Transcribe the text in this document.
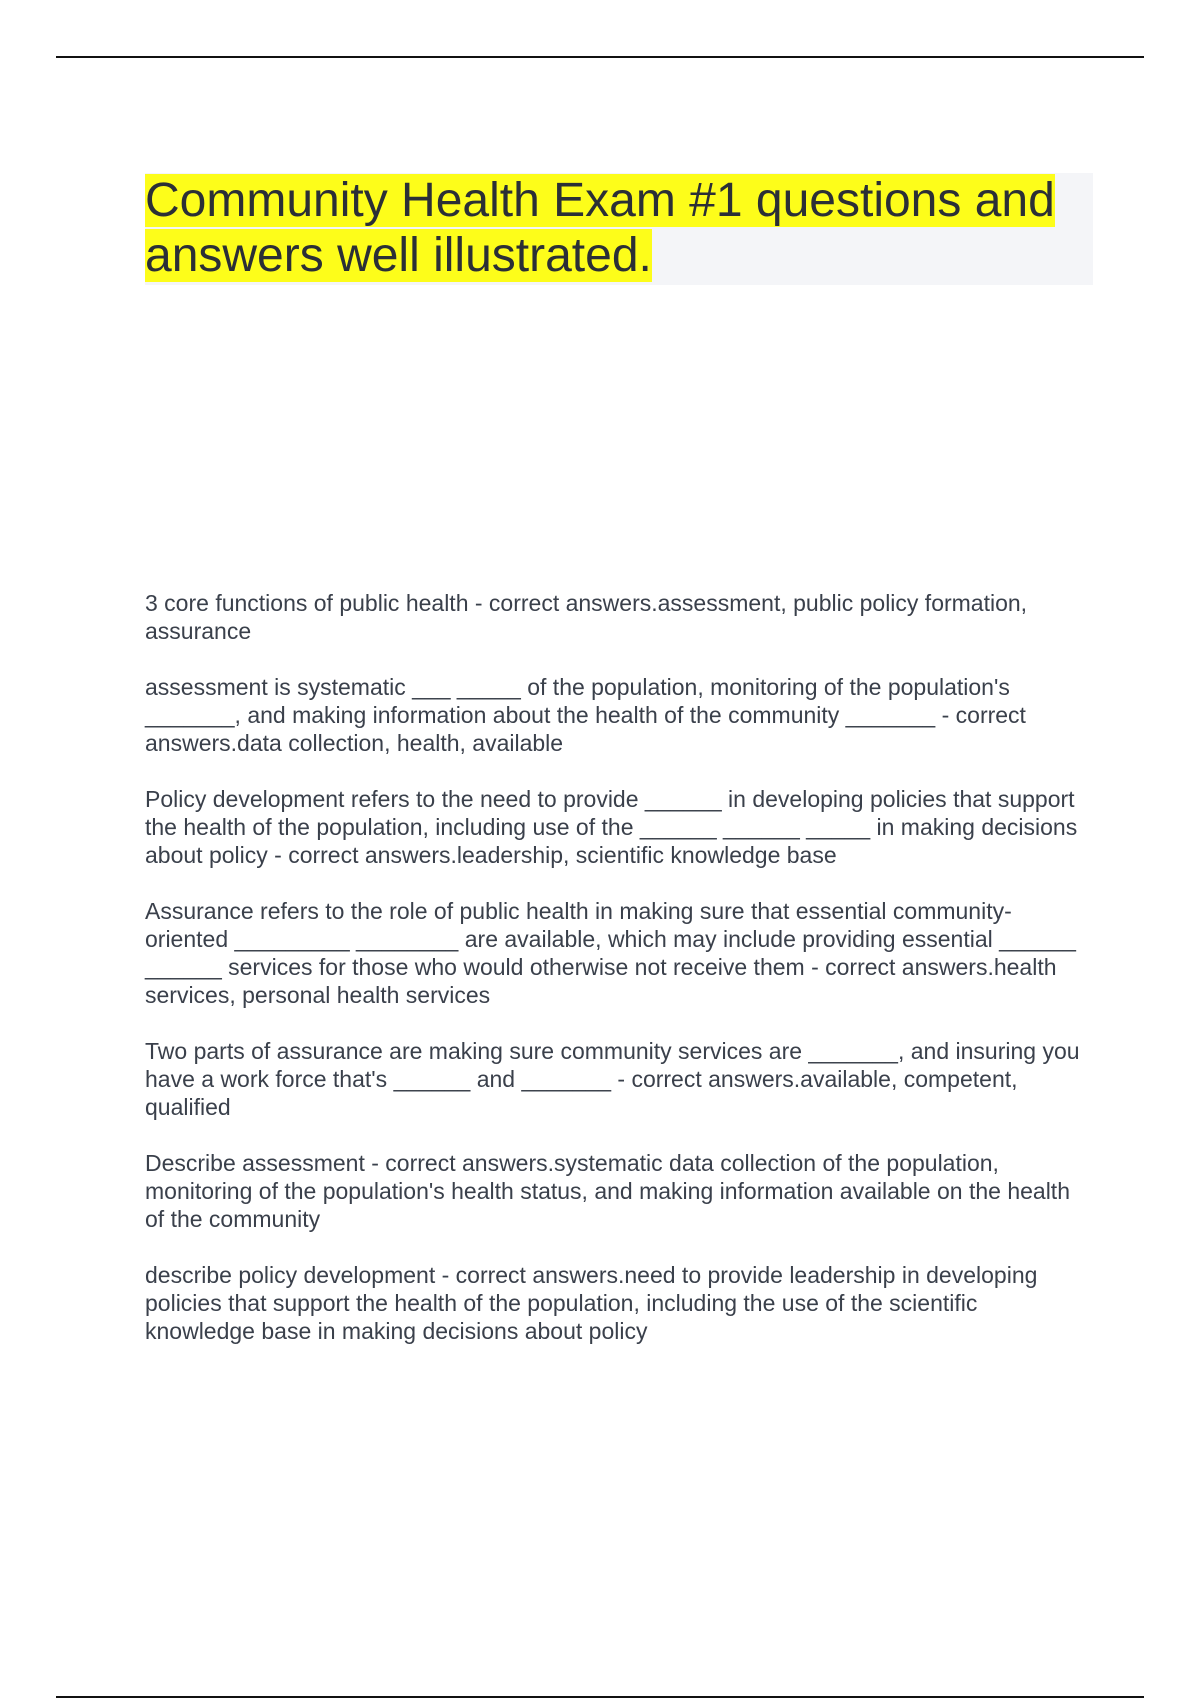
Community Health Exam #1 questions and answers well illustrated.

3 core functions of public health - correct answers.assessment, public policy formation, assurance

assessment is systematic ___ _____ of the population, monitoring of the population's _______, and making information about the health of the community _______ - correct answers.data collection, health, available

Policy development refers to the need to provide ______ in developing policies that support the health of the population, including use of the ______ ______ _____ in making decisions about policy - correct answers.leadership, scientific knowledge base

Assurance refers to the role of public health in making sure that essential community-oriented _________ ________ are available, which may include providing essential ______ ______ services for those who would otherwise not receive them - correct answers.health services, personal health services

Two parts of assurance are making sure community services are _______, and insuring you have a work force that's ______ and _______ - correct answers.available, competent, qualified

Describe assessment - correct answers.systematic data collection of the population, monitoring of the population's health status, and making information available on the health of the community

describe policy development - correct answers.need to provide leadership in developing policies that support the health of the population, including the use of the scientific knowledge base in making decisions about policy
